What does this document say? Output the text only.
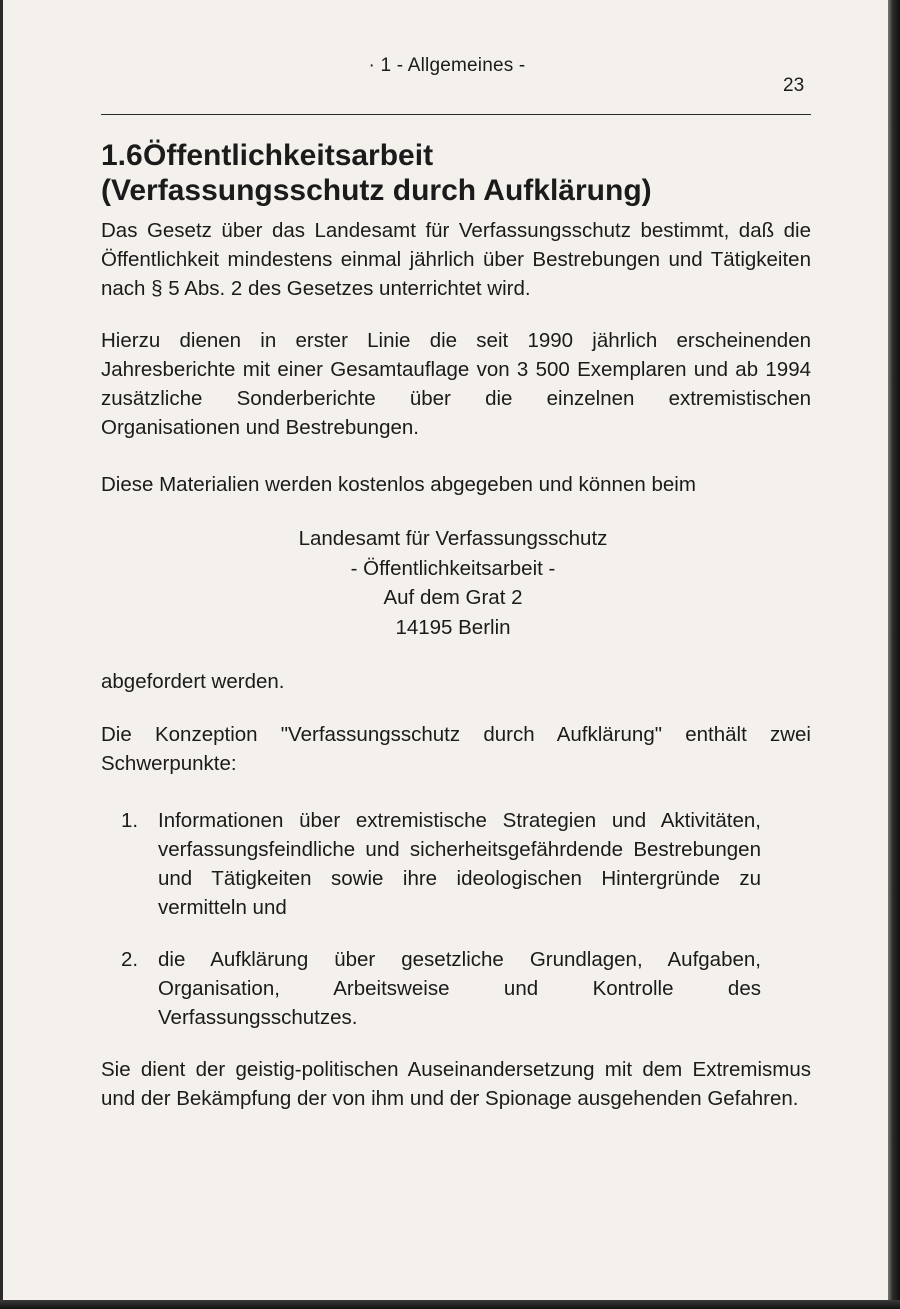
· 1 - Allgemeines -
23
1.6Öffentlichkeitsarbeit
(Verfassungsschutz durch Aufklärung)

Das Gesetz über das Landesamt für Verfassungsschutz bestimmt, daß die Öffentlichkeit mindestens einmal jährlich über Bestrebungen und Tätigkeiten nach § 5 Abs. 2 des Gesetzes unterrichtet wird.

Hierzu dienen in erster Linie die seit 1990 jährlich erscheinenden Jahresberichte mit einer Gesamtauflage von 3 500 Exemplaren und ab 1994 zusätzliche Sonderberichte über die einzelnen extremistischen Organisationen und Bestrebungen.

Diese Materialien werden kostenlos abgegeben und können beim

Landesamt für Verfassungsschutz
- Öffentlichkeitsarbeit -
Auf dem Grat 2
14195 Berlin

abgefordert werden.

Die Konzeption "Verfassungsschutz durch Aufklärung" enthält zwei Schwerpunkte:

1. Informationen über extremistische Strategien und Aktivitäten, verfassungsfeindliche und sicherheitsgefährdende Bestrebungen und Tätigkeiten sowie ihre ideologischen Hintergründe zu vermitteln und
2. die Aufklärung über gesetzliche Grundlagen, Aufgaben, Organisation, Arbeitsweise und Kontrolle des Verfassungsschutzes.

Sie dient der geistig-politischen Auseinandersetzung mit dem Extremismus und der Bekämpfung der von ihm und der Spionage ausgehenden Gefahren.
